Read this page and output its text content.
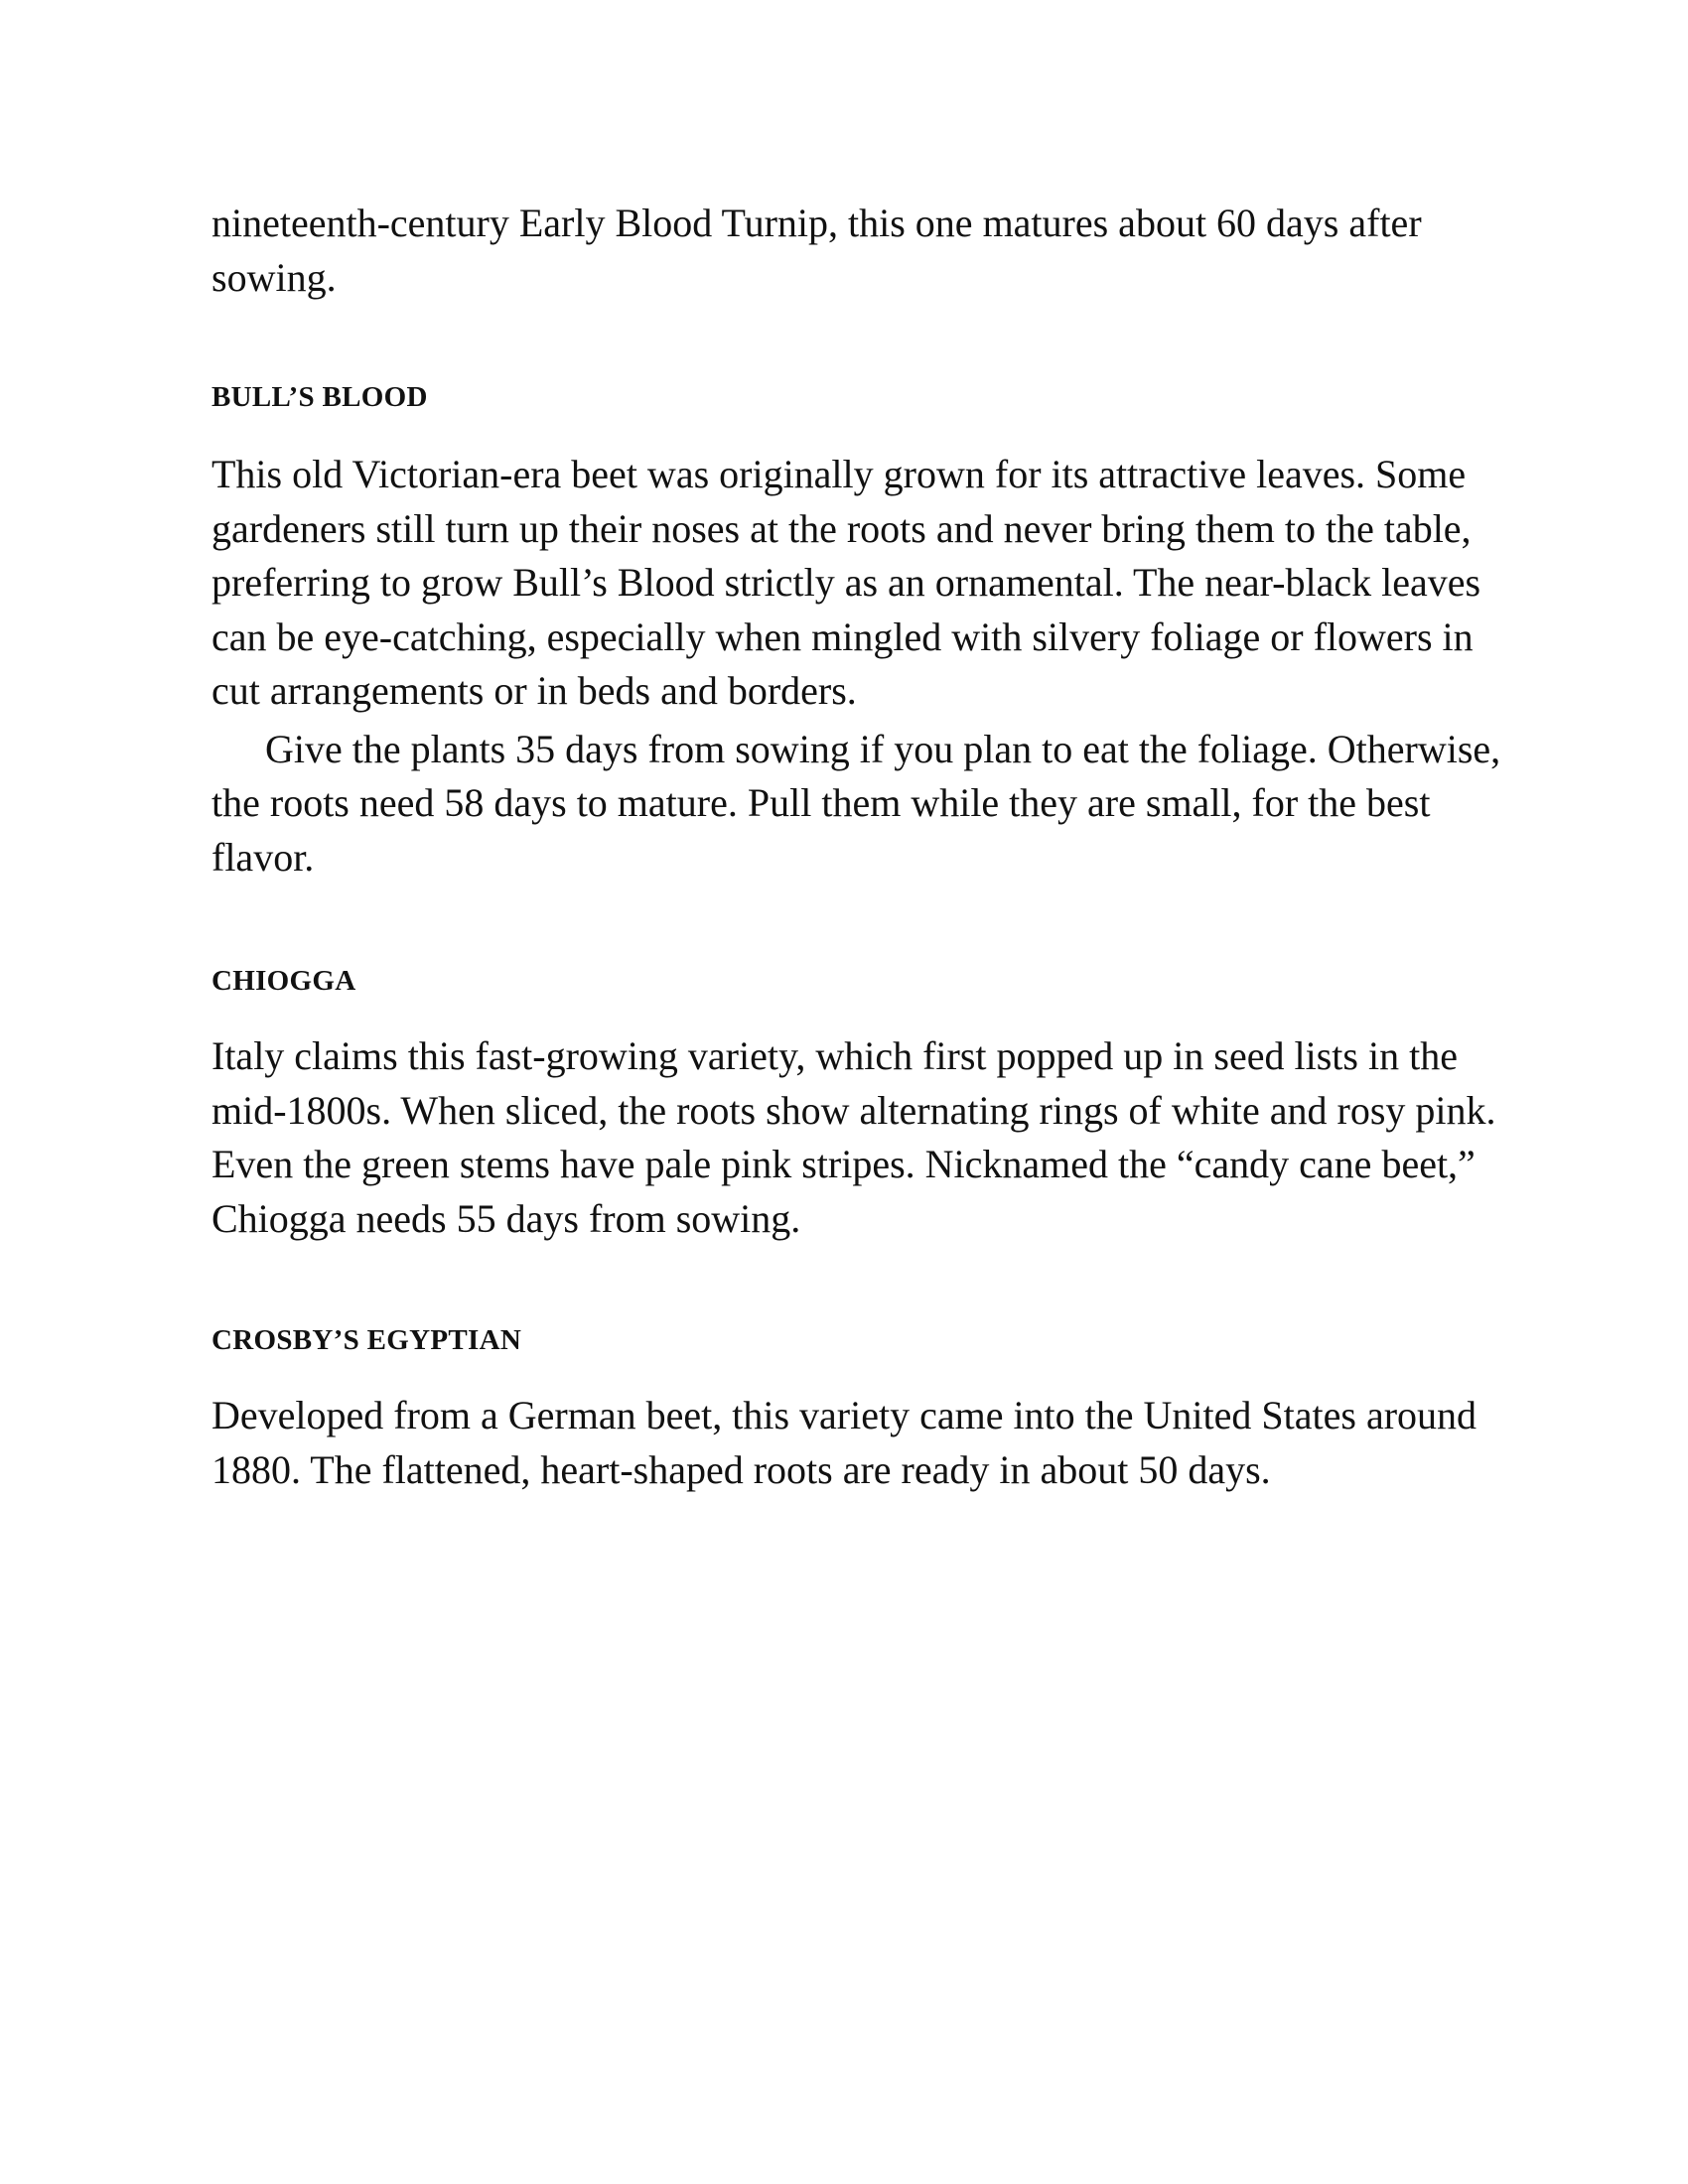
nineteenth-century Early Blood Turnip, this one matures about 60 days after sowing.

BULL’S BLOOD

This old Victorian-era beet was originally grown for its attractive leaves. Some gardeners still turn up their noses at the roots and never bring them to the table, preferring to grow Bull’s Blood strictly as an ornamental. The near-black leaves can be eye-catching, especially when mingled with silvery foliage or flowers in cut arrangements or in beds and borders.

Give the plants 35 days from sowing if you plan to eat the foliage. Otherwise, the roots need 58 days to mature. Pull them while they are small, for the best flavor.

CHIOGGA

Italy claims this fast-growing variety, which first popped up in seed lists in the mid-1800s. When sliced, the roots show alternating rings of white and rosy pink. Even the green stems have pale pink stripes. Nicknamed the “candy cane beet,” Chiogga needs 55 days from sowing.

CROSBY’S EGYPTIAN

Developed from a German beet, this variety came into the United States around 1880. The flattened, heart-shaped roots are ready in about 50 days.
